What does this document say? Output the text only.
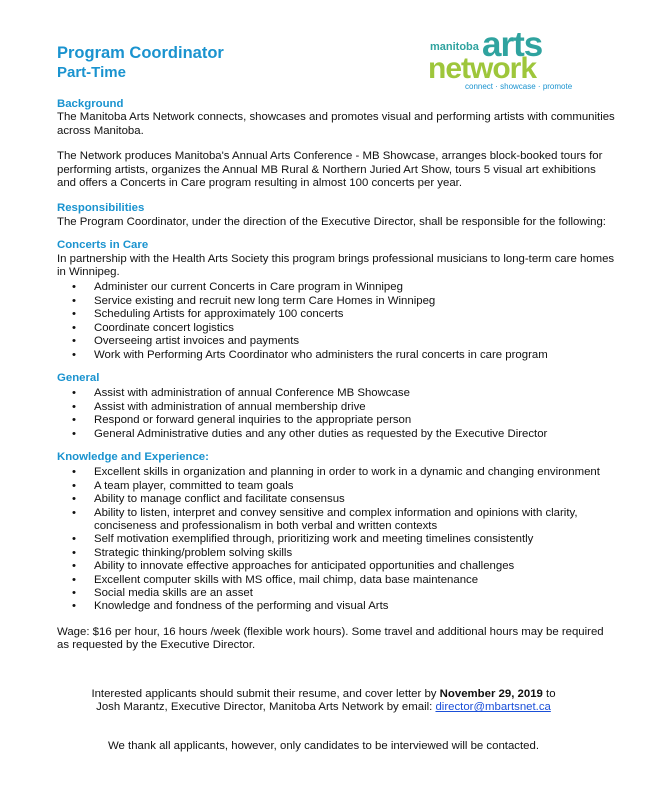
Program Coordinator
Part-Time
manitoba arts
network
connect · showcase · promote
Background

The Manitoba Arts Network connects, showcases and promotes visual and performing artists with communities across Manitoba.

The Network produces Manitoba's Annual Arts Conference - MB Showcase, arranges block-booked tours for performing artists, organizes the Annual MB Rural & Northern Juried Art Show, tours 5 visual art exhibitions and offers a Concerts in Care program resulting in almost 100 concerts per year.

Responsibilities

The Program Coordinator, under the direction of the Executive Director, shall be responsible for the following:

Concerts in Care

In partnership with the Health Arts Society this program brings professional musicians to long-term care homes in Winnipeg.

• Administer our current Concerts in Care program in Winnipeg
• Service existing and recruit new long term Care Homes in Winnipeg
• Scheduling Artists for approximately 100 concerts
• Coordinate concert logistics
• Overseeing artist invoices and payments
• Work with Performing Arts Coordinator who administers the rural concerts in care program
General
• Assist with administration of annual Conference MB Showcase
• Assist with administration of annual membership drive
• Respond or forward general inquiries to the appropriate person
• General Administrative duties and any other duties as requested by the Executive Director
Knowledge and Experience:
• Excellent skills in organization and planning in order to work in a dynamic and changing environment
• A team player, committed to team goals
• Ability to manage conflict and facilitate consensus
• Ability to listen, interpret and convey sensitive and complex information and opinions with clarity, conciseness and professionalism in both verbal and written contexts
• Self motivation exemplified through, prioritizing work and meeting timelines consistently
• Strategic thinking/problem solving skills
• Ability to innovate effective approaches for anticipated opportunities and challenges
• Excellent computer skills with MS office, mail chimp, data base maintenance
• Social media skills are an asset
• Knowledge and fondness of the performing and visual Arts

Wage: $16 per hour, 16 hours /week (flexible work hours). Some travel and additional hours may be required as requested by the Executive Director.

Interested applicants should submit their resume, and cover letter by November 29, 2019 to
Josh Marantz, Executive Director, Manitoba Arts Network by email: director@mbartsnet.ca
We thank all applicants, however, only candidates to be interviewed will be contacted.
